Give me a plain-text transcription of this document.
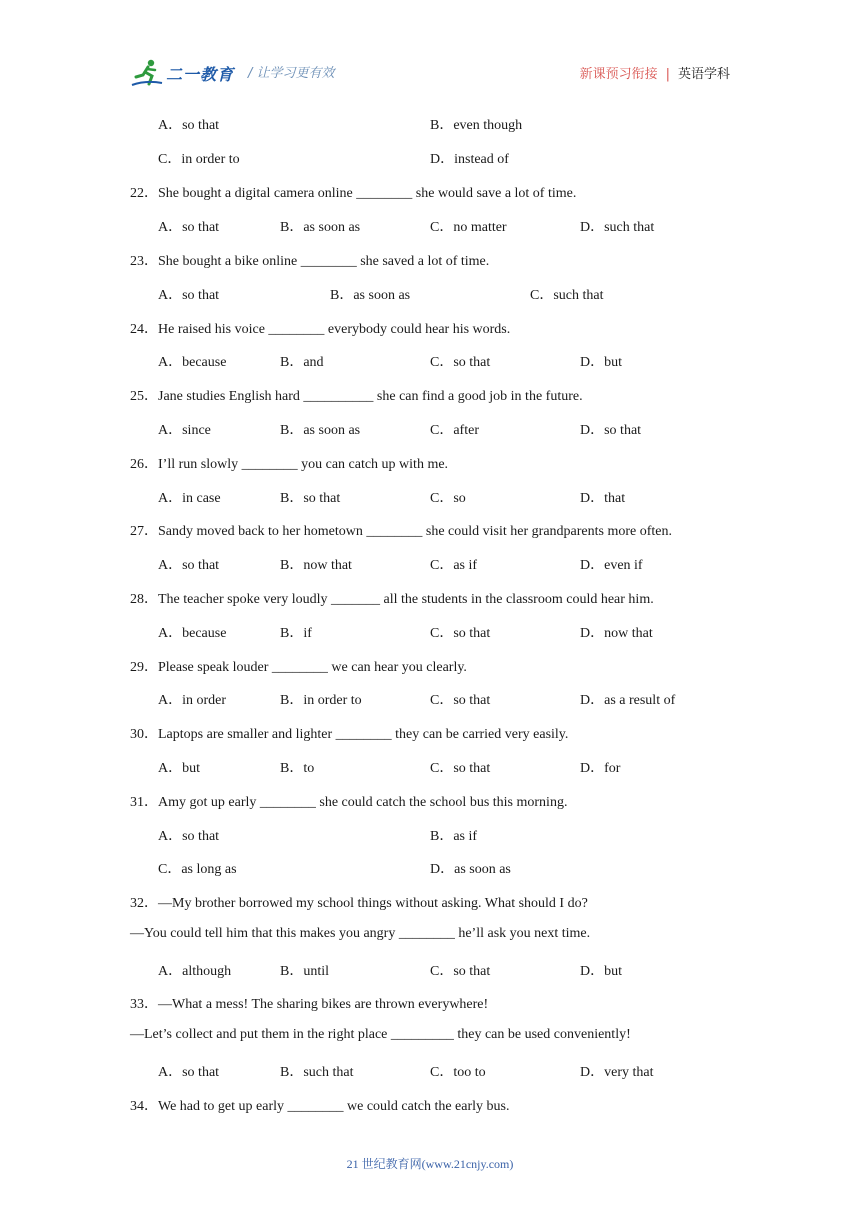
二一教育 / 让学习更有效	新课预习衔接 | 英语学科
A．so that	B．even though
C．in order to	D．instead of
22．She bought a digital camera online ________ she would save a lot of time.
A．so that	B．as soon as	C．no matter	D．such that
23．She bought a bike online ________ she saved a lot of time.
A．so that	B．as soon as	C．such that
24．He raised his voice ________ everybody could hear his words.
A．because	B．and	C．so that	D．but
25．Jane studies English hard __________ she can find a good job in the future.
A．since	B．as soon as	C．after	D．so that
26．I’ll run slowly ________ you can catch up with me.
A．in case	B．so that	C．so	D．that
27．Sandy moved back to her hometown ________ she could visit her grandparents more often.
A．so that	B．now that	C．as if	D．even if
28．The teacher spoke very loudly _______ all the students in the classroom could hear him.
A．because	B．if	C．so that	D．now that
29．Please speak louder ________ we can hear you clearly.
A．in order	B．in order to	C．so that	D．as a result of
30．Laptops are smaller and lighter ________ they can be carried very easily.
A．but	B．to	C．so that	D．for
31．Amy got up early ________ she could catch the school bus this morning.
A．so that	B．as if
C．as long as	D．as soon as
32．—My brother borrowed my school things without asking. What should I do?
—You could tell him that this makes you angry ________ he’ll ask you next time.
A．although	B．until	C．so that	D．but
33．—What a mess! The sharing bikes are thrown everywhere!
—Let’s collect and put them in the right place _________ they can be used conveniently!
A．so that	B．such that	C．too to	D．very that
34．We had to get up early ________ we could catch the early bus.
21 世纪教育网(www.21cnjy.com)
